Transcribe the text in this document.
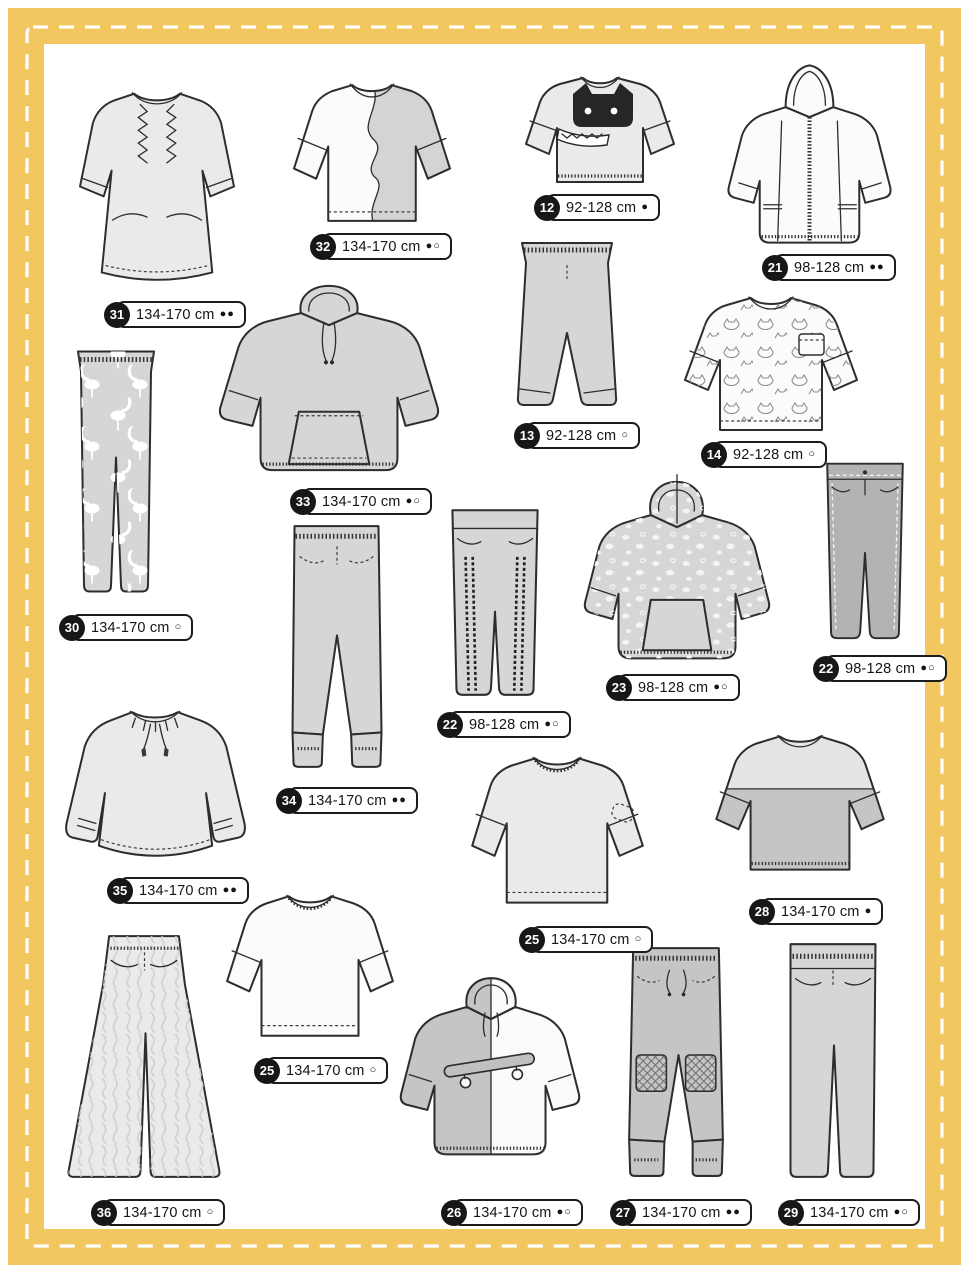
31 134-170 cm ●●
32 134-170 cm ●○
12 92-128 cm ●
21 98-128 cm ●●
33 134-170 cm ●○
13 92-128 cm ○
14 92-128 cm ○
30 134-170 cm ○
22 98-128 cm ●○
23 98-128 cm ●○
22 98-128 cm ●○
34 134-170 cm ●●
35 134-170 cm ●●
25 134-170 cm ○
28 134-170 cm ●
25 134-170 cm ○
36 134-170 cm ○	26 134-170 cm ●○	27 134-170 cm ●●	29 134-170 cm ●○
